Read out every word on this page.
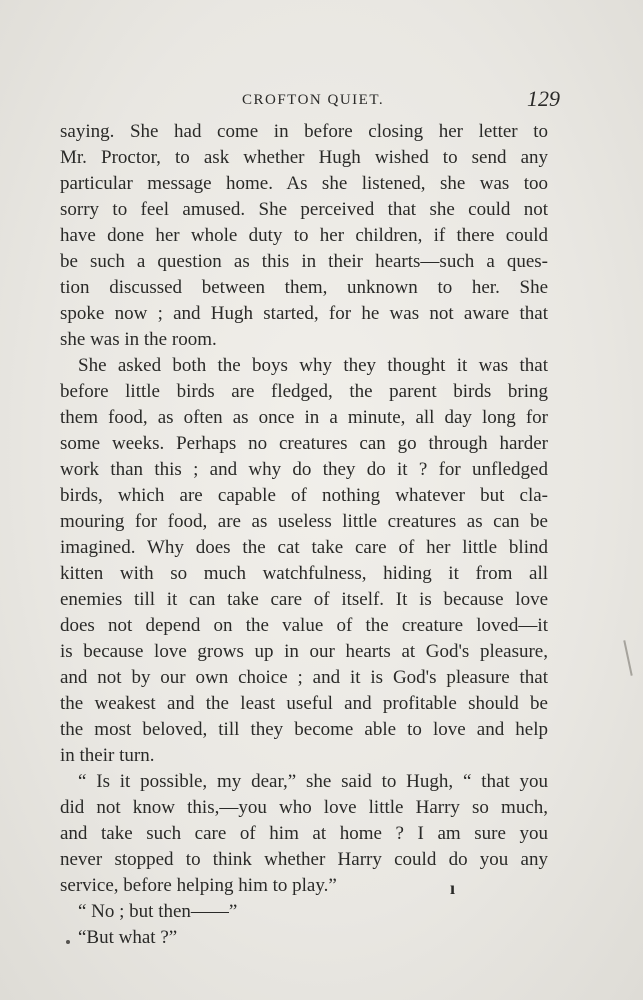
CROFTON QUIET.	129
saying. She had come in before closing her letter to
Mr. Proctor, to ask whether Hugh wished to send any
particular message home. As she listened, she was too
sorry to feel amused. She perceived that she could not
have done her whole duty to her children, if there could
be such a question as this in their hearts—such a ques-
tion discussed between them, unknown to her. She
spoke now ; and Hugh started, for he was not aware that
she was in the room.
She asked both the boys why they thought it was that
before little birds are fledged, the parent birds bring
them food, as often as once in a minute, all day long for
some weeks. Perhaps no creatures can go through harder
work than this ; and why do they do it ? for unfledged
birds, which are capable of nothing whatever but cla-
mouring for food, are as useless little creatures as can be
imagined. Why does the cat take care of her little blind
kitten with so much watchfulness, hiding it from all
enemies till it can take care of itself. It is because love
does not depend on the value of the creature loved—it
is because love grows up in our hearts at God's pleasure,
and not by our own choice ; and it is God's pleasure that
the weakest and the least useful and profitable should be
the most beloved, till they become able to love and help
in their turn.
“ Is it possible, my dear,” she said to Hugh, “ that you
did not know this,—you who love little Harry so much,
and take such care of him at home ? I am sure you
never stopped to think whether Harry could do you any
service, before helping him to play.”
“ No ; but then——”
“But what ?”
ı
